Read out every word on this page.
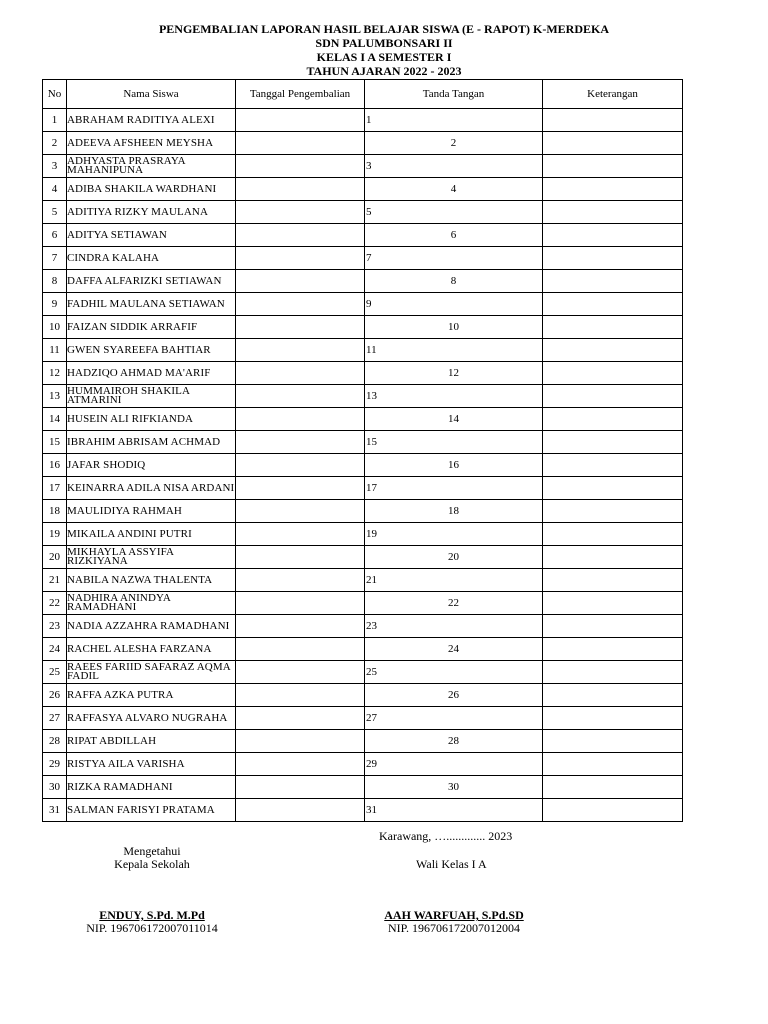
PENGEMBALIAN LAPORAN HASIL BELAJAR SISWA (E - RAPOT) K-MERDEKA
SDN PALUMBONSARI II
KELAS I A SEMESTER I
TAHUN AJARAN 2022 - 2023
No	Nama Siswa	Tanggal Pengembalian	Tanda Tangan	Keterangan
1	ABRAHAM RADITIYA ALEXI		1	
2	ADEEVA AFSHEEN MEYSHA		2	
3	ADHYASTA PRASRAYA MAHANIPUNA		3	
4	ADIBA SHAKILA WARDHANI		4	
5	ADITIYA RIZKY MAULANA		5	
6	ADITYA SETIAWAN		6	
7	CINDRA KALAHA		7	
8	DAFFA ALFARIZKI SETIAWAN		8	
9	FADHIL MAULANA SETIAWAN		9	
10	FAIZAN SIDDIK ARRAFIF		10	
11	GWEN SYAREEFA BAHTIAR		11	
12	HADZIQO AHMAD MA'ARIF		12	
13	HUMMAIROH SHAKILA ATMARINI		13	
14	HUSEIN ALI RIFKIANDA		14	
15	IBRAHIM ABRISAM ACHMAD		15	
16	JAFAR SHODIQ		16	
17	KEINARRA ADILA NISA ARDANI		17	
18	MAULIDIYA RAHMAH		18	
19	MIKAILA ANDINI PUTRI		19	
20	MIKHAYLA ASSYIFA RIZKIYANA		20	
21	NABILA NAZWA THALENTA		21	
22	NADHIRA ANINDYA RAMADHANI		22	
23	NADIA AZZAHRA RAMADHANI		23	
24	RACHEL ALESHA FARZANA		24	
25	RAEES FARIID SAFARAZ AQMA FADIL		25	
26	RAFFA AZKA PUTRA		26	
27	RAFFASYA ALVARO NUGRAHA		27	
28	RIPAT ABDILLAH		28	
29	RISTYA AILA VARISHA		29	
30	RIZKA RAMADHANI		30	
31	SALMAN FARISYI PRATAMA		31	
Karawang, …............. 2023
Mengetahui
Kepala Sekolah	Wali Kelas I A
ENDUY, S.Pd. M.Pd
NIP. 196706172007011014
AAH WARFUAH, S.Pd.SD
NIP. 196706172007012004
